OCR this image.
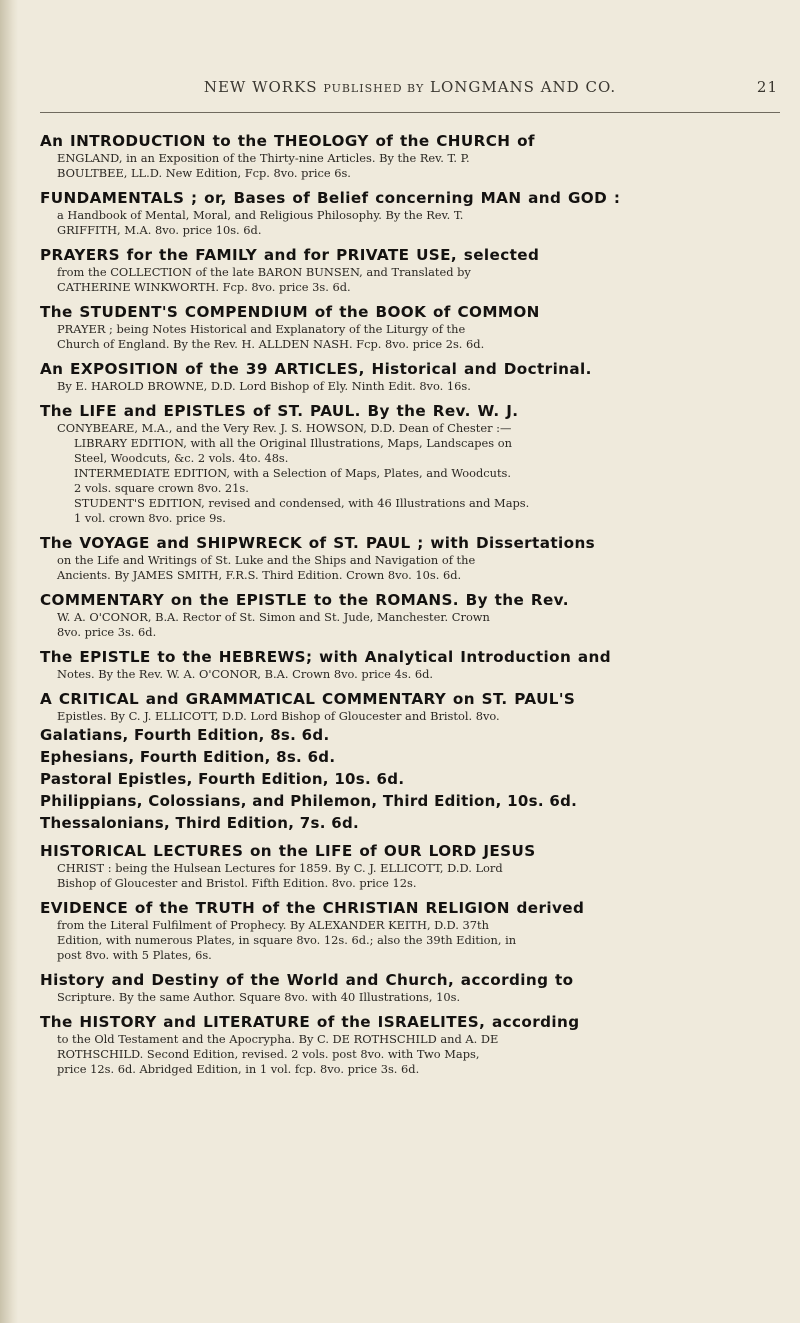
NEW WORKS PUBLISHED BY LONGMANS AND CO.	21
An INTRODUCTION to the THEOLOGY of the CHURCH of

ENGLAND, in an Exposition of the Thirty-nine Articles. By the Rev. T. P.

BOULTBEE, LL.D. New Edition, Fcp. 8vo. price 6s.

FUNDAMENTALS ; or, Bases of Belief concerning MAN and GOD :

a Handbook of Mental, Moral, and Religious Philosophy. By the Rev. T.

GRIFFITH, M.A. 8vo. price 10s. 6d.

PRAYERS for the FAMILY and for PRIVATE USE, selected

from the COLLECTION of the late BARON BUNSEN, and Translated by

CATHERINE WINKWORTH. Fcp. 8vo. price 3s. 6d.

The STUDENT'S COMPENDIUM of the BOOK of COMMON

PRAYER ; being Notes Historical and Explanatory of the Liturgy of the

Church of England. By the Rev. H. ALLDEN NASH. Fcp. 8vo. price 2s. 6d.

An EXPOSITION of the 39 ARTICLES, Historical and Doctrinal.

By E. HAROLD BROWNE, D.D. Lord Bishop of Ely. Ninth Edit. 8vo. 16s.

The LIFE and EPISTLES of ST. PAUL. By the Rev. W. J.

CONYBEARE, M.A., and the Very Rev. J. S. HOWSON, D.D. Dean of Chester :—

LIBRARY EDITION, with all the Original Illustrations, Maps, Landscapes on

Steel, Woodcuts, &c. 2 vols. 4to. 48s.

INTERMEDIATE EDITION, with a Selection of Maps, Plates, and Woodcuts.

2 vols. square crown 8vo. 21s.

STUDENT'S EDITION, revised and condensed, with 46 Illustrations and Maps.

1 vol. crown 8vo. price 9s.

The VOYAGE and SHIPWRECK of ST. PAUL ; with Dissertations

on the Life and Writings of St. Luke and the Ships and Navigation of the

Ancients. By JAMES SMITH, F.R.S. Third Edition. Crown 8vo. 10s. 6d.

COMMENTARY on the EPISTLE to the ROMANS. By the Rev.

W. A. O'CONOR, B.A. Rector of St. Simon and St. Jude, Manchester. Crown

8vo. price 3s. 6d.

The EPISTLE to the HEBREWS; with Analytical Introduction and

Notes. By the Rev. W. A. O'CONOR, B.A. Crown 8vo. price 4s. 6d.

A CRITICAL and GRAMMATICAL COMMENTARY on ST. PAUL'S

Epistles. By C. J. ELLICOTT, D.D. Lord Bishop of Gloucester and Bristol. 8vo.

Galatians, Fourth Edition, 8s. 6d.
Ephesians, Fourth Edition, 8s. 6d.
Pastoral Epistles, Fourth Edition, 10s. 6d.
Philippians, Colossians, and Philemon, Third Edition, 10s. 6d.
Thessalonians, Third Edition, 7s. 6d.
HISTORICAL LECTURES on the LIFE of OUR LORD JESUS

CHRIST : being the Hulsean Lectures for 1859. By C. J. ELLICOTT, D.D. Lord

Bishop of Gloucester and Bristol. Fifth Edition. 8vo. price 12s.

EVIDENCE of the TRUTH of the CHRISTIAN RELIGION derived

from the Literal Fulfilment of Prophecy. By ALEXANDER KEITH, D.D. 37th

Edition, with numerous Plates, in square 8vo. 12s. 6d.; also the 39th Edition, in

post 8vo. with 5 Plates, 6s.

History and Destiny of the World and Church, according to

Scripture. By the same Author. Square 8vo. with 40 Illustrations, 10s.

The HISTORY and LITERATURE of the ISRAELITES, according

to the Old Testament and the Apocrypha. By C. DE ROTHSCHILD and A. DE

ROTHSCHILD. Second Edition, revised. 2 vols. post 8vo. with Two Maps,

price 12s. 6d. Abridged Edition, in 1 vol. fcp. 8vo. price 3s. 6d.
